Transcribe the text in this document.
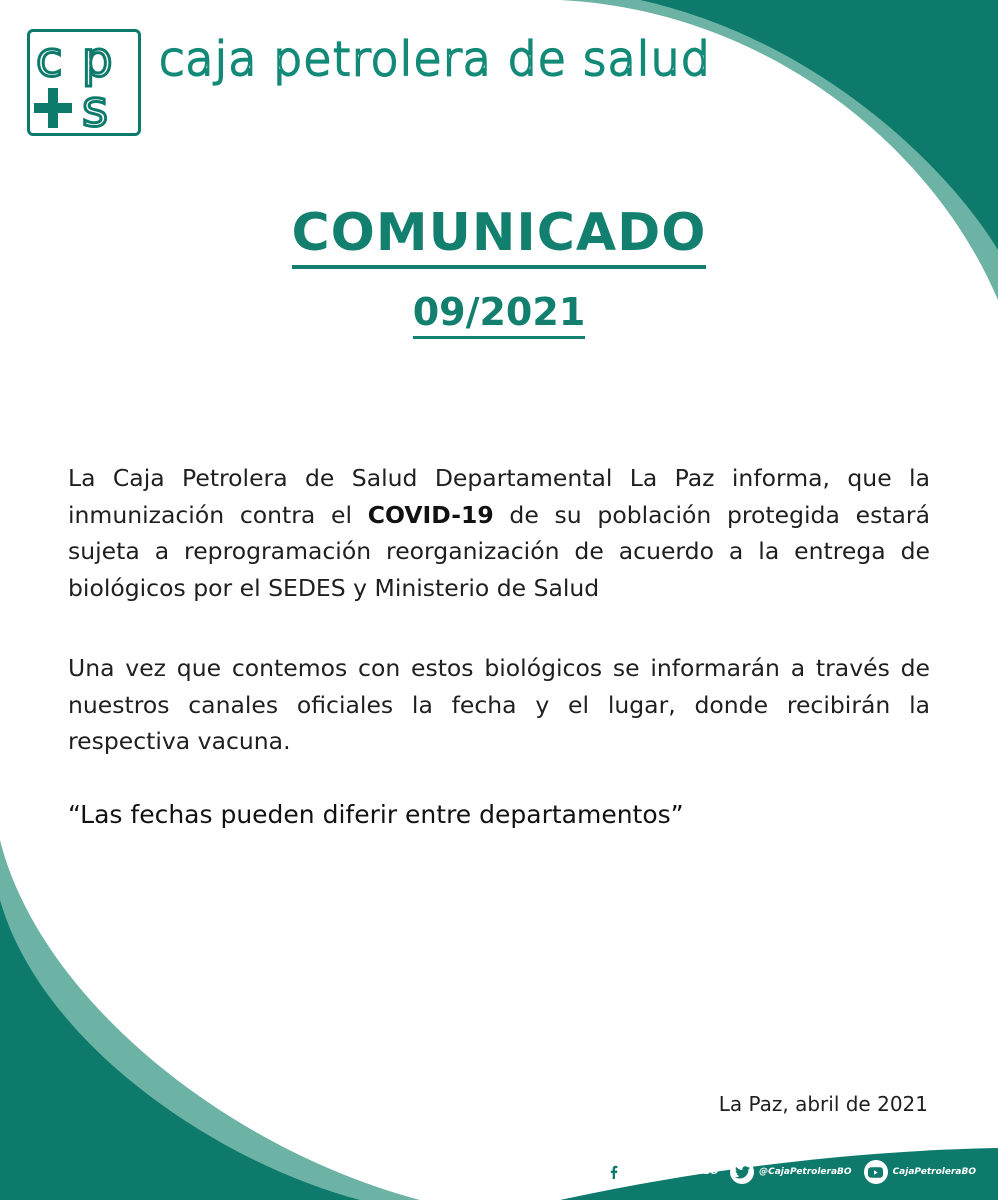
c p
s
caja petrolera de salud
COMUNICADO
09/2021
La Caja Petrolera de Salud Departamental La Paz informa, que la inmunización contra el COVID-19 de su población protegida estará sujeta a reprogramación reorganización de acuerdo a la entrega de biológicos por el SEDES y Ministerio de Salud
Una vez que contemos con estos biológicos se informarán a través de nuestros canales oficiales la fecha y el lugar, donde recibirán la respectiva vacuna.
“Las fechas pueden diferir entre departamentos”
La Paz, abril de 2021
/CajaPetroleraBO	@CajaPetroleraBO	CajaPetroleraBO
